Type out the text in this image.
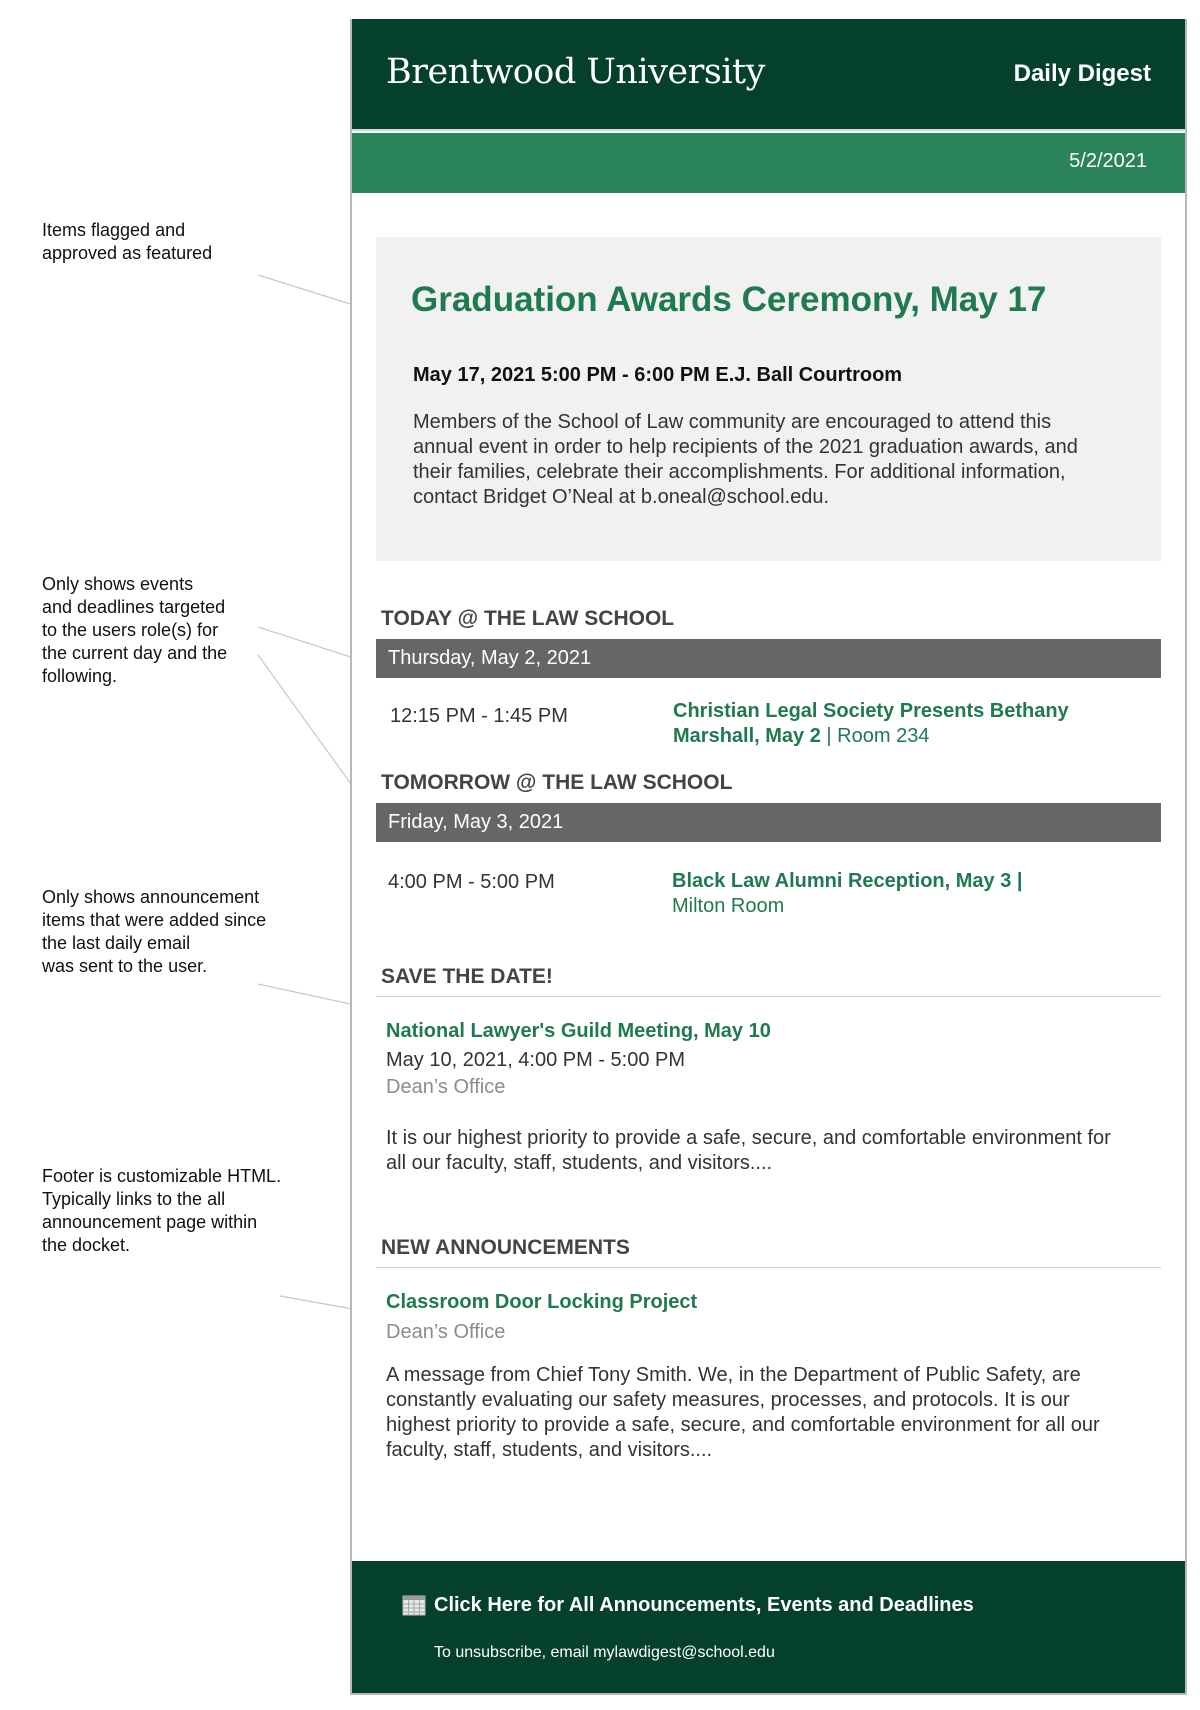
Items flagged and
approved as featured
Only shows events
and deadlines targeted
to the users role(s) for
the current day and the
following.
Only shows announcement
items that were added since
the last daily email
was sent to the user.
Footer is customizable HTML.
Typically links to the all
announcement page within
the docket.
Brentwood University	Daily Digest
5/2/2021
Graduation Awards Ceremony, May 17
May 17, 2021 5:00 PM - 6:00 PM E.J. Ball Courtroom
Members of the School of Law community are encouraged to attend this annual event in order to help recipients of the 2021 graduation awards, and their families, celebrate their accomplishments. For additional information, contact Bridget O’Neal at b.oneal@school.edu.
TODAY @ THE LAW SCHOOL
Thursday, May 2, 2021
12:15 PM - 1:45 PM	Christian Legal Society Presents Bethany Marshall, May 2 | Room 234
TOMORROW @ THE LAW SCHOOL
Friday, May 3, 2021
4:00 PM - 5:00 PM	Black Law Alumni Reception, May 3 |
Milton Room
SAVE THE DATE!
National Lawyer's Guild Meeting, May 10
May 10, 2021, 4:00 PM - 5:00 PM
Dean’s Office
It is our highest priority to provide a safe, secure, and comfortable environment for all our faculty, staff, students, and visitors....
NEW ANNOUNCEMENTS
Classroom Door Locking Project
Dean’s Office
A message from Chief Tony Smith. We, in the Department of Public Safety, are constantly evaluating our safety measures, processes, and protocols. It is our highest priority to provide a safe, secure, and comfortable environment for all our faculty, staff, students, and visitors....
Click Here for All Announcements, Events and Deadlines
To unsubscribe, email mylawdigest@school.edu
